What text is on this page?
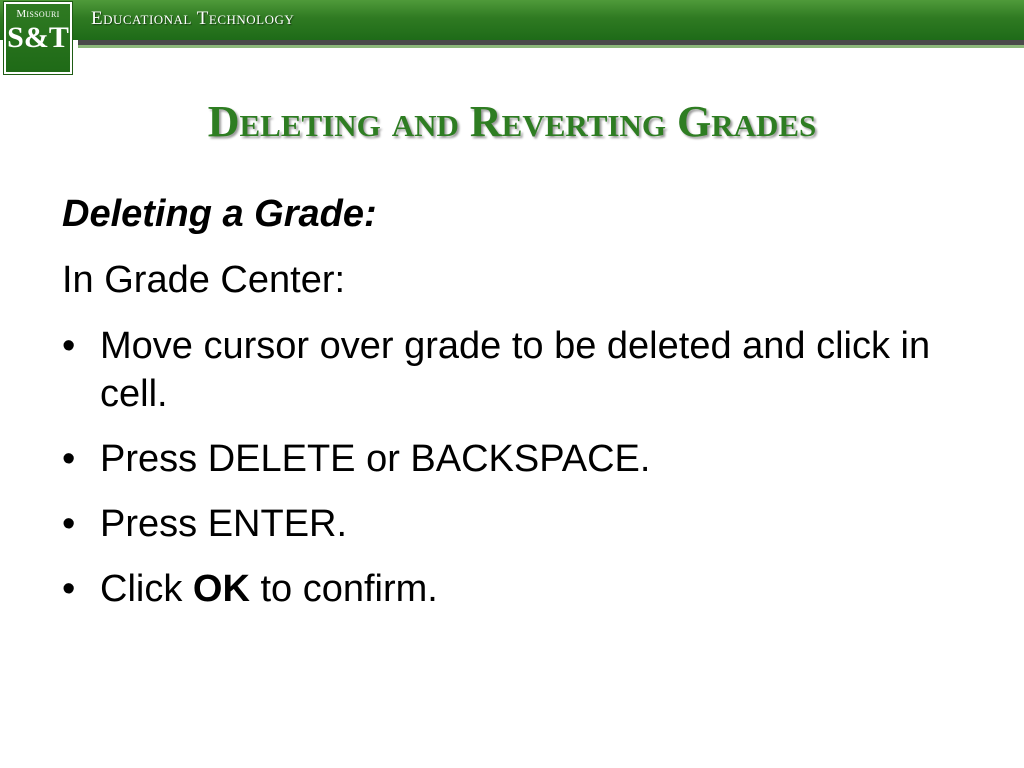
Educational Technology
Missouri
S&T
Deleting and Reverting Grades
Deleting a Grade:
In Grade Center:
• Move cursor over grade to be deleted and click in cell.
• Press DELETE or BACKSPACE.
• Press ENTER.
• Click OK to confirm.
